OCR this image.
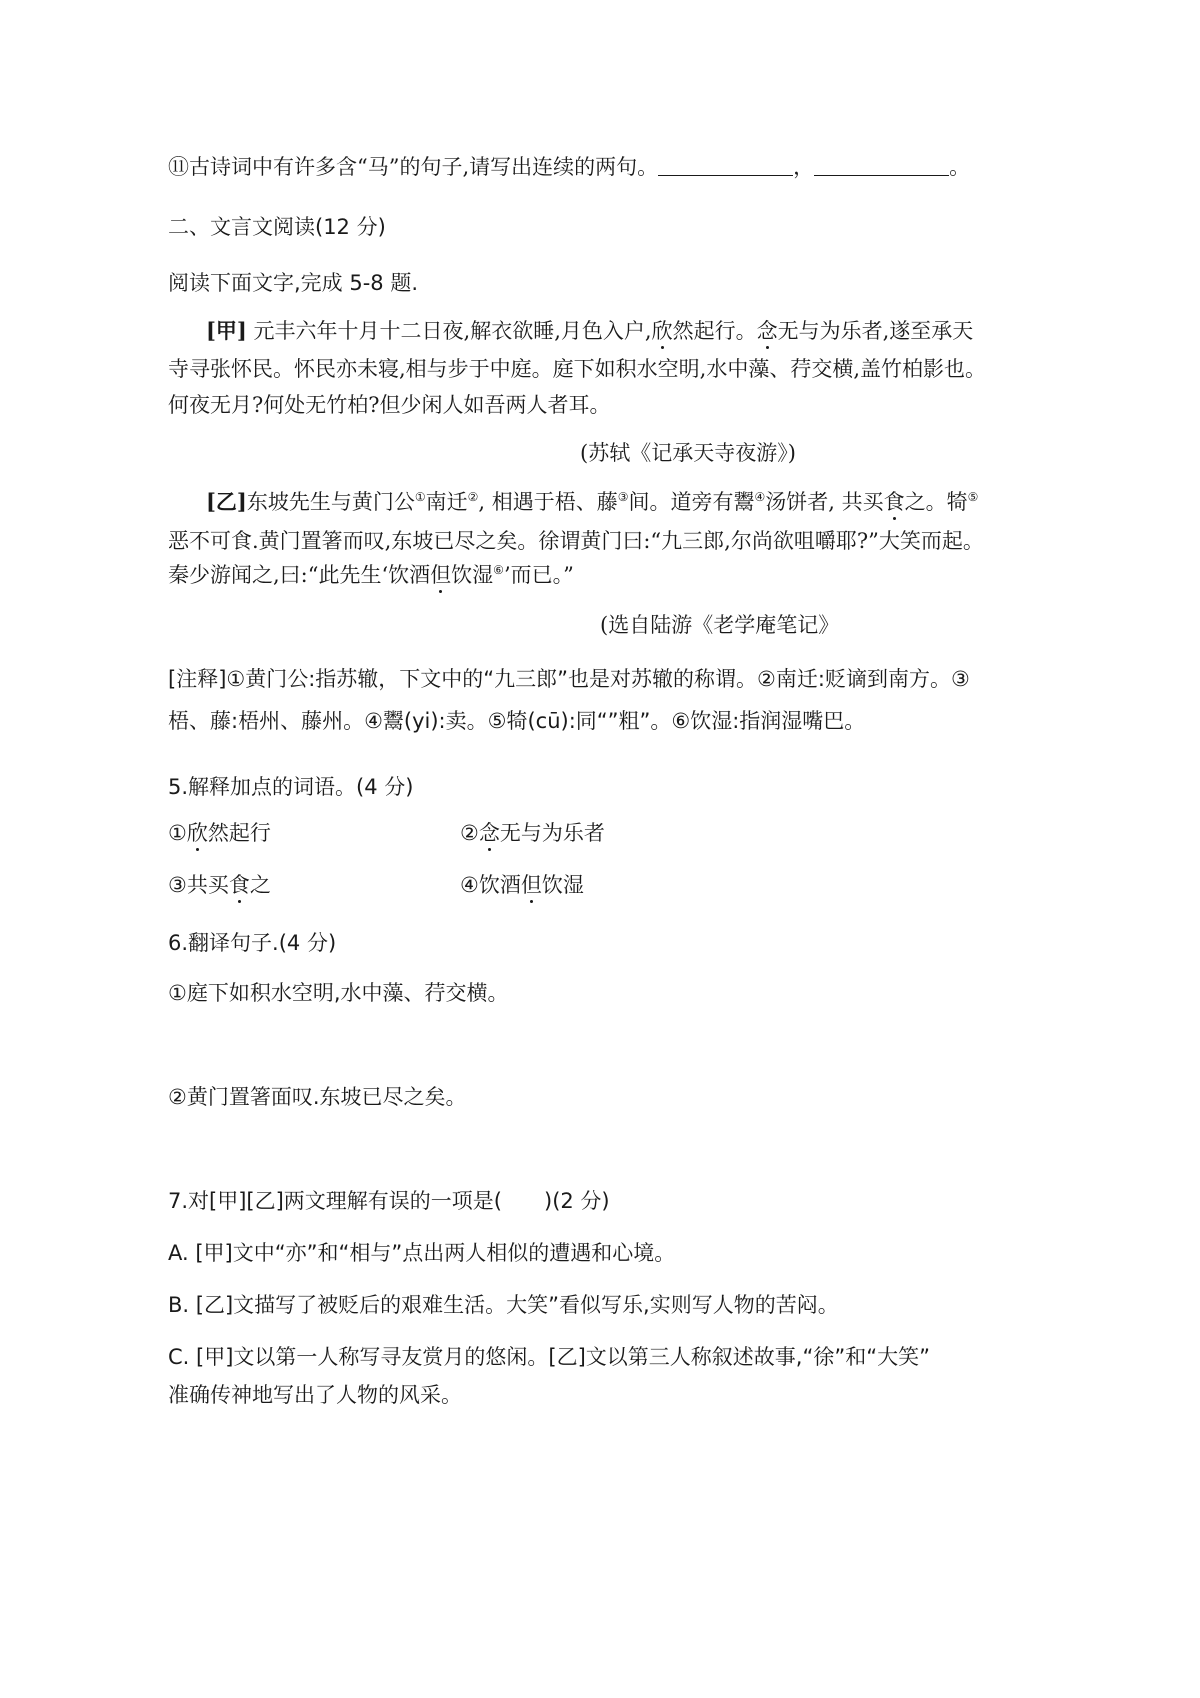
⑪古诗词中有许多含“马”的句子,请写出连续的两句。	，	。
二、文言文阅读(12 分)
阅读下面文字,完成 5-8 题.
[甲] 元丰六年十月十二日夜,解衣欲睡,月色入户,欣然起行。念无与为乐者,遂至承天
寺寻张怀民。怀民亦未寝,相与步于中庭。庭下如积水空明,水中藻、荇交横,盖竹柏影也。
何夜无月?何处无竹柏?但少闲人如吾两人者耳。
(苏轼《记承天寺夜游》)
[乙]东坡先生与黄门公①南迁②, 相遇于梧、藤③间。道旁有鬻④汤饼者, 共买食之。犄⑤
恶不可食.黄门置箸而叹,东坡已尽之矣。徐谓黄门曰:“九三郎,尔尚欲咀嚼耶?”大笑而起。
秦少游闻之,曰:“此先生‘饮酒但饮湿⑥’而已。”
(选自陆游《老学庵笔记》
[注释]①黄门公:指苏辙，下文中的“九三郎”也是对苏辙的称谓。②南迁:贬谪到南方。③
梧、藤:梧州、藤州。④鬻(yi):卖。⑤犄(cū):同“”粗”。⑥饮湿:指润湿嘴巴。
5.解释加点的词语。(4 分)
①欣然起行	②念无与为乐者
③共买食之	④饮酒但饮湿
6.翻译句子.(4 分)
①庭下如积水空明,水中藻、荇交横。
②黄门置箸面叹.东坡已尽之矣。
7.对[甲][乙]两文理解有误的一项是(　　)(2 分)
A. [甲]文中“亦”和“相与”点出两人相似的遭遇和心境。
B. [乙]文描写了被贬后的艰难生活。大笑”看似写乐,实则写人物的苦闷。
C. [甲]文以第一人称写寻友赏月的悠闲。[乙]文以第三人称叙述故事,“徐”和“大笑”
准确传神地写出了人物的风采。
